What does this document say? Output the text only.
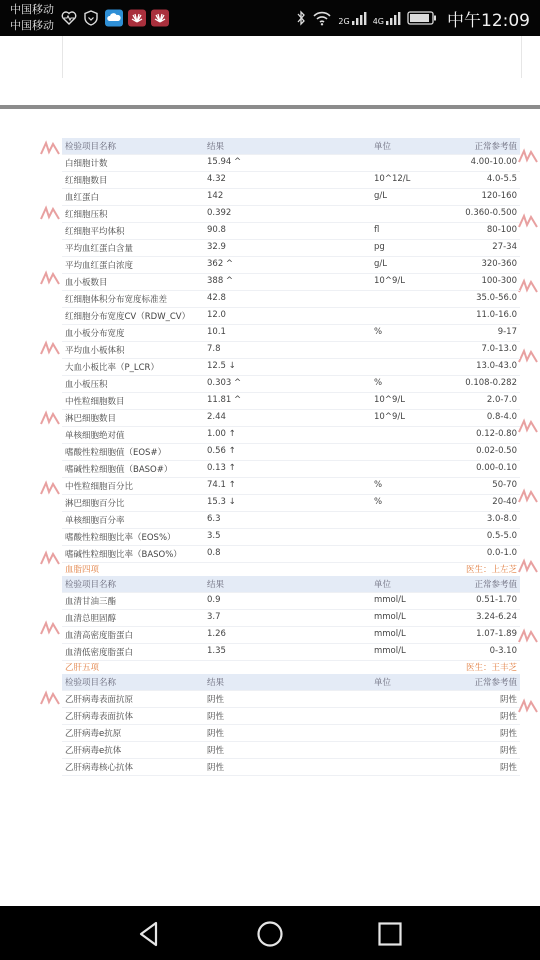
中国移动
中国移动	2G	4G	中午12:09
检验项目名称	结果	单位	正常参考值
白细胞计数	15.94 ^	4.00-10.00
红细胞数目	4.32	10^12/L	4.0-5.5
血红蛋白	142	g/L	120-160
红细胞压积	0.392	0.360-0.500
红细胞平均体积	90.8	fl	80-100
平均血红蛋白含量	32.9	pg	27-34
平均血红蛋白浓度	362 ^	g/L	320-360
血小板数目	388 ^	10^9/L	100-300
红细胞体积分布宽度标准差	42.8	35.0-56.0
红细胞分布宽度CV（RDW_CV） 12.0	11.0-16.0
血小板分布宽度	10.1	%	9-17
平均血小板体积	7.8	7.0-13.0
大血小板比率（P_LCR）	12.5 ↓	13.0-43.0
血小板压积	0.303 ^	%	0.108-0.282
中性粒细胞数目	11.81 ^	10^9/L	2.0-7.0
淋巴细胞数目	2.44	10^9/L	0.8-4.0
单核细胞绝对值	1.00 ↑	0.12-0.80
嗜酸性粒细胞值（EOS#）	0.56 ↑	0.02-0.50
嗜碱性粒细胞值（BASO#）	0.13 ↑	0.00-0.10
中性粒细胞百分比	74.1 ↑	%	50-70
淋巴细胞百分比	15.3 ↓	%	20-40
单核细胞百分率	6.3	3.0-8.0
嗜酸性粒细胞比率（EOS%）	3.5	0.5-5.0
嗜碱性粒细胞比率（BASO%）	0.8	0.0-1.0
血脂四项	医生：上左芝
检验项目名称	结果	单位	正常参考值
血清甘油三酯	0.9	mmol/L	0.51-1.70
血清总胆固醇	3.7	mmol/L	3.24-6.24
血清高密度脂蛋白	1.26	mmol/L	1.07-1.89
血清低密度脂蛋白	1.35	mmol/L	0-3.10
乙肝五项	医生：王丰芝
检验项目名称	结果	单位	正常参考值
乙肝病毒表面抗原	阴性	阴性
乙肝病毒表面抗体	阴性	阴性
乙肝病毒e抗原	阴性	阴性
乙肝病毒e抗体	阴性	阴性
乙肝病毒核心抗体	阴性	阴性
